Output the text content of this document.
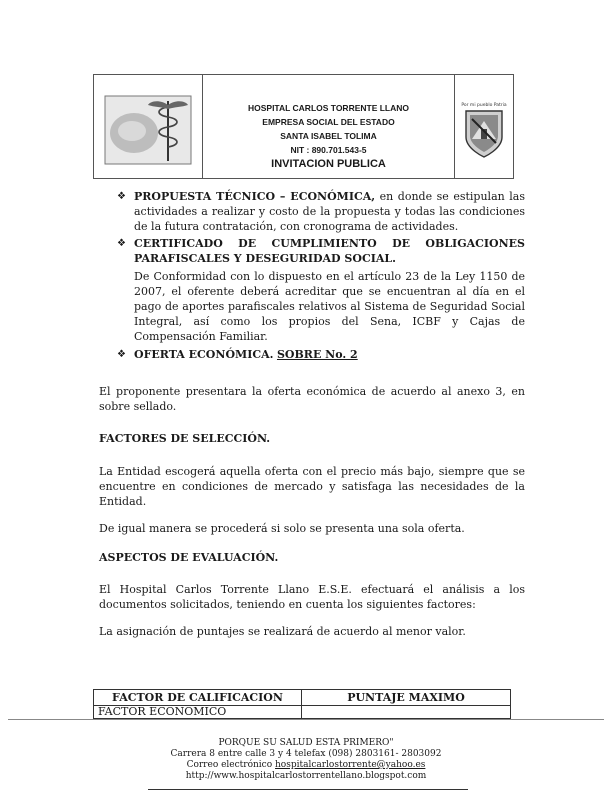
HOSPITAL CARLOS TORRENTE LLANO
EMPRESA SOCIAL DEL ESTADO
SANTA ISABEL TOLIMA
NIT : 890.701.543-5
INVITACION PUBLICA
Por mi pueblo Patria
❖ PROPUESTA TÉCNICO – ECONÓMICA, en donde se estipulan las actividades a realizar y costo de la propuesta y todas las condiciones de la futura contratación, con cronograma de actividades.
❖ CERTIFICADO DE CUMPLIMIENTO DE OBLIGACIONES PARAFISCALES Y DESEGURIDAD SOCIAL.
De Conformidad con lo dispuesto en el artículo 23 de la Ley 1150 de 2007, el oferente deberá acreditar que se encuentran al día en el pago de aportes parafiscales relativos al Sistema de Seguridad Social Integral, así como los propios del Sena, ICBF y Cajas de Compensación Familiar.
❖ OFERTA ECONÓMICA. SOBRE No. 2

El proponente presentara la oferta económica de acuerdo al anexo 3, en sobre sellado.

FACTORES DE SELECCIÓN.

La Entidad escogerá aquella oferta con el precio más bajo, siempre que se encuentre en condiciones de mercado y satisfaga las necesidades de la Entidad.

De igual manera se procederá si solo se presenta una sola oferta.

ASPECTOS DE EVALUACIÓN.

El Hospital Carlos Torrente Llano E.S.E. efectuará el análisis a los documentos solicitados, teniendo en cuenta los siguientes factores:

La asignación de puntajes se realizará de acuerdo al menor valor.

FACTOR DE CALIFICACION	PUNTAJE MAXIMO
FACTOR ECONOMICO	
PORQUE SU SALUD ESTA PRIMERO"
Carrera 8 entre calle 3 y 4 telefax (098) 2803161- 2803092
Correo electrónico hospitalcarlostorrente@yahoo.es
http://www.hospitalcarlostorrentellano.blogspot.com
